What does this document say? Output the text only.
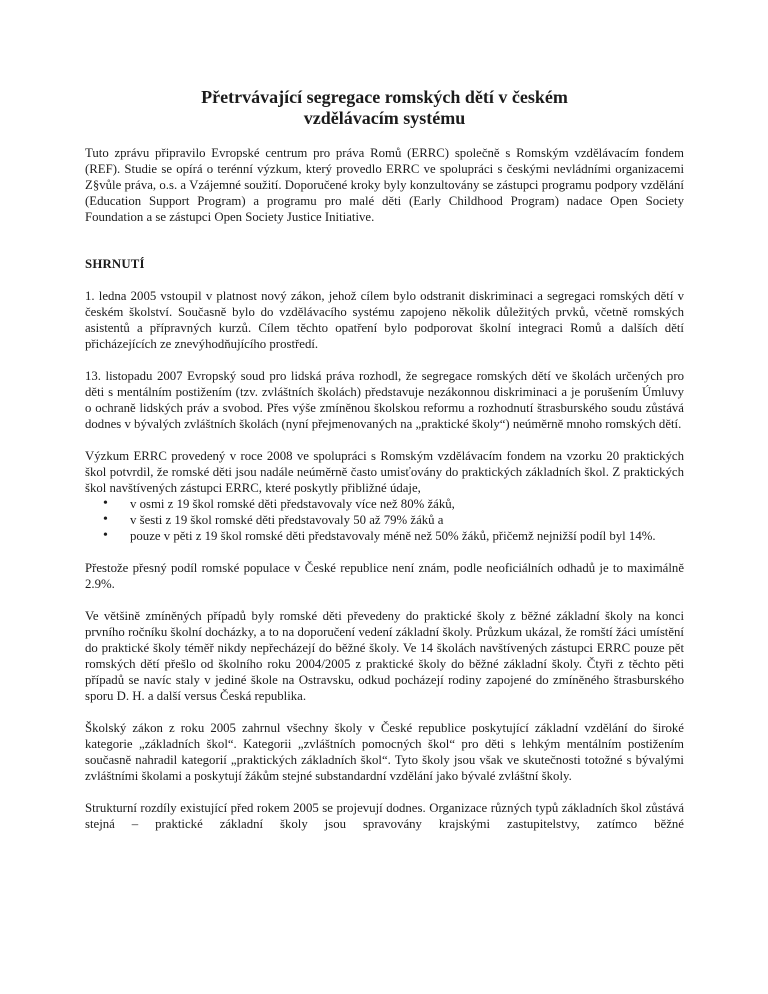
Přetrvávající segregace romských dětí v českém
vzdělávacím systému

Tuto zprávu připravilo Evropské centrum pro práva Romů (ERRC) společně s Romským vzdělávacím fondem (REF). Studie se opírá o terénní výzkum, který provedlo ERRC ve spolupráci s českými nevládními organizacemi Z§vůle práva, o.s. a Vzájemné soužití. Doporučené kroky byly konzultovány se zástupci programu podpory vzdělání (Education Support Program) a programu pro malé děti (Early Childhood Program) nadace Open Society Foundation a se zástupci Open Society Justice Initiative.

SHRNUTÍ

1. ledna 2005 vstoupil v platnost nový zákon, jehož cílem bylo odstranit diskriminaci a segregaci romských dětí v českém školství. Současně bylo do vzdělávacího systému zapojeno několik důležitých prvků, včetně romských asistentů a přípravných kurzů. Cílem těchto opatření bylo podporovat školní integraci Romů a dalších dětí přicházejících ze znevýhodňujícího prostředí.

13. listopadu 2007 Evropský soud pro lidská práva rozhodl, že segregace romských dětí ve školách určených pro děti s mentálním postižením (tzv. zvláštních školách) představuje nezákonnou diskriminaci a je porušením Úmluvy o ochraně lidských práv a svobod. Přes výše zmíněnou školskou reformu a rozhodnutí štrasburského soudu zůstává dodnes v bývalých zvláštních školách (nyní přejmenovaných na „praktické školy“) neúměrně mnoho romských dětí.

Výzkum ERRC provedený v roce 2008 ve spolupráci s Romským vzdělávacím fondem na vzorku 20 praktických škol potvrdil, že romské děti jsou nadále neúměrně často umisťovány do praktických základních škol. Z praktických škol navštívených zástupci ERRC, které poskytly přibližné údaje,

• v osmi z 19 škol romské děti představovaly více než 80% žáků,
• v šesti z 19 škol romské děti představovaly 50 až 79% žáků a
• pouze v pěti z 19 škol romské děti představovaly méně než 50% žáků, přičemž nejnižší podíl byl 14%.

Přestože přesný podíl romské populace v České republice není znám, podle neoficiálních odhadů je to maximálně 2.9%.

Ve většině zmíněných případů byly romské děti převedeny do praktické školy z běžné základní školy na konci prvního ročníku školní docházky, a to na doporučení vedení základní školy. Průzkum ukázal, že romští žáci umístění do praktické školy téměř nikdy nepřecházejí do běžné školy. Ve 14 školách navštívených zástupci ERRC pouze pět romských dětí přešlo od školního roku 2004/2005 z praktické školy do běžné základní školy. Čtyři z těchto pěti případů se navíc staly v jediné škole na Ostravsku, odkud pocházejí rodiny zapojené do zmíněného štrasburského sporu D. H. a další versus Česká republika.

Školský zákon z roku 2005 zahrnul všechny školy v České republice poskytující základní vzdělání do široké kategorie „základních škol“. Kategorii „zvláštních pomocných škol“ pro děti s lehkým mentálním postižením současně nahradil kategorií „praktických základních škol“. Tyto školy jsou však ve skutečnosti totožné s bývalými zvláštními školami a poskytují žákům stejné substandardní vzdělání jako bývalé zvláštní školy.

Strukturní rozdíly existující před rokem 2005 se projevují dodnes. Organizace různých typů základních škol zůstává stejná – praktické základní školy jsou spravovány krajskými zastupitelstvy, zatímco běžné
